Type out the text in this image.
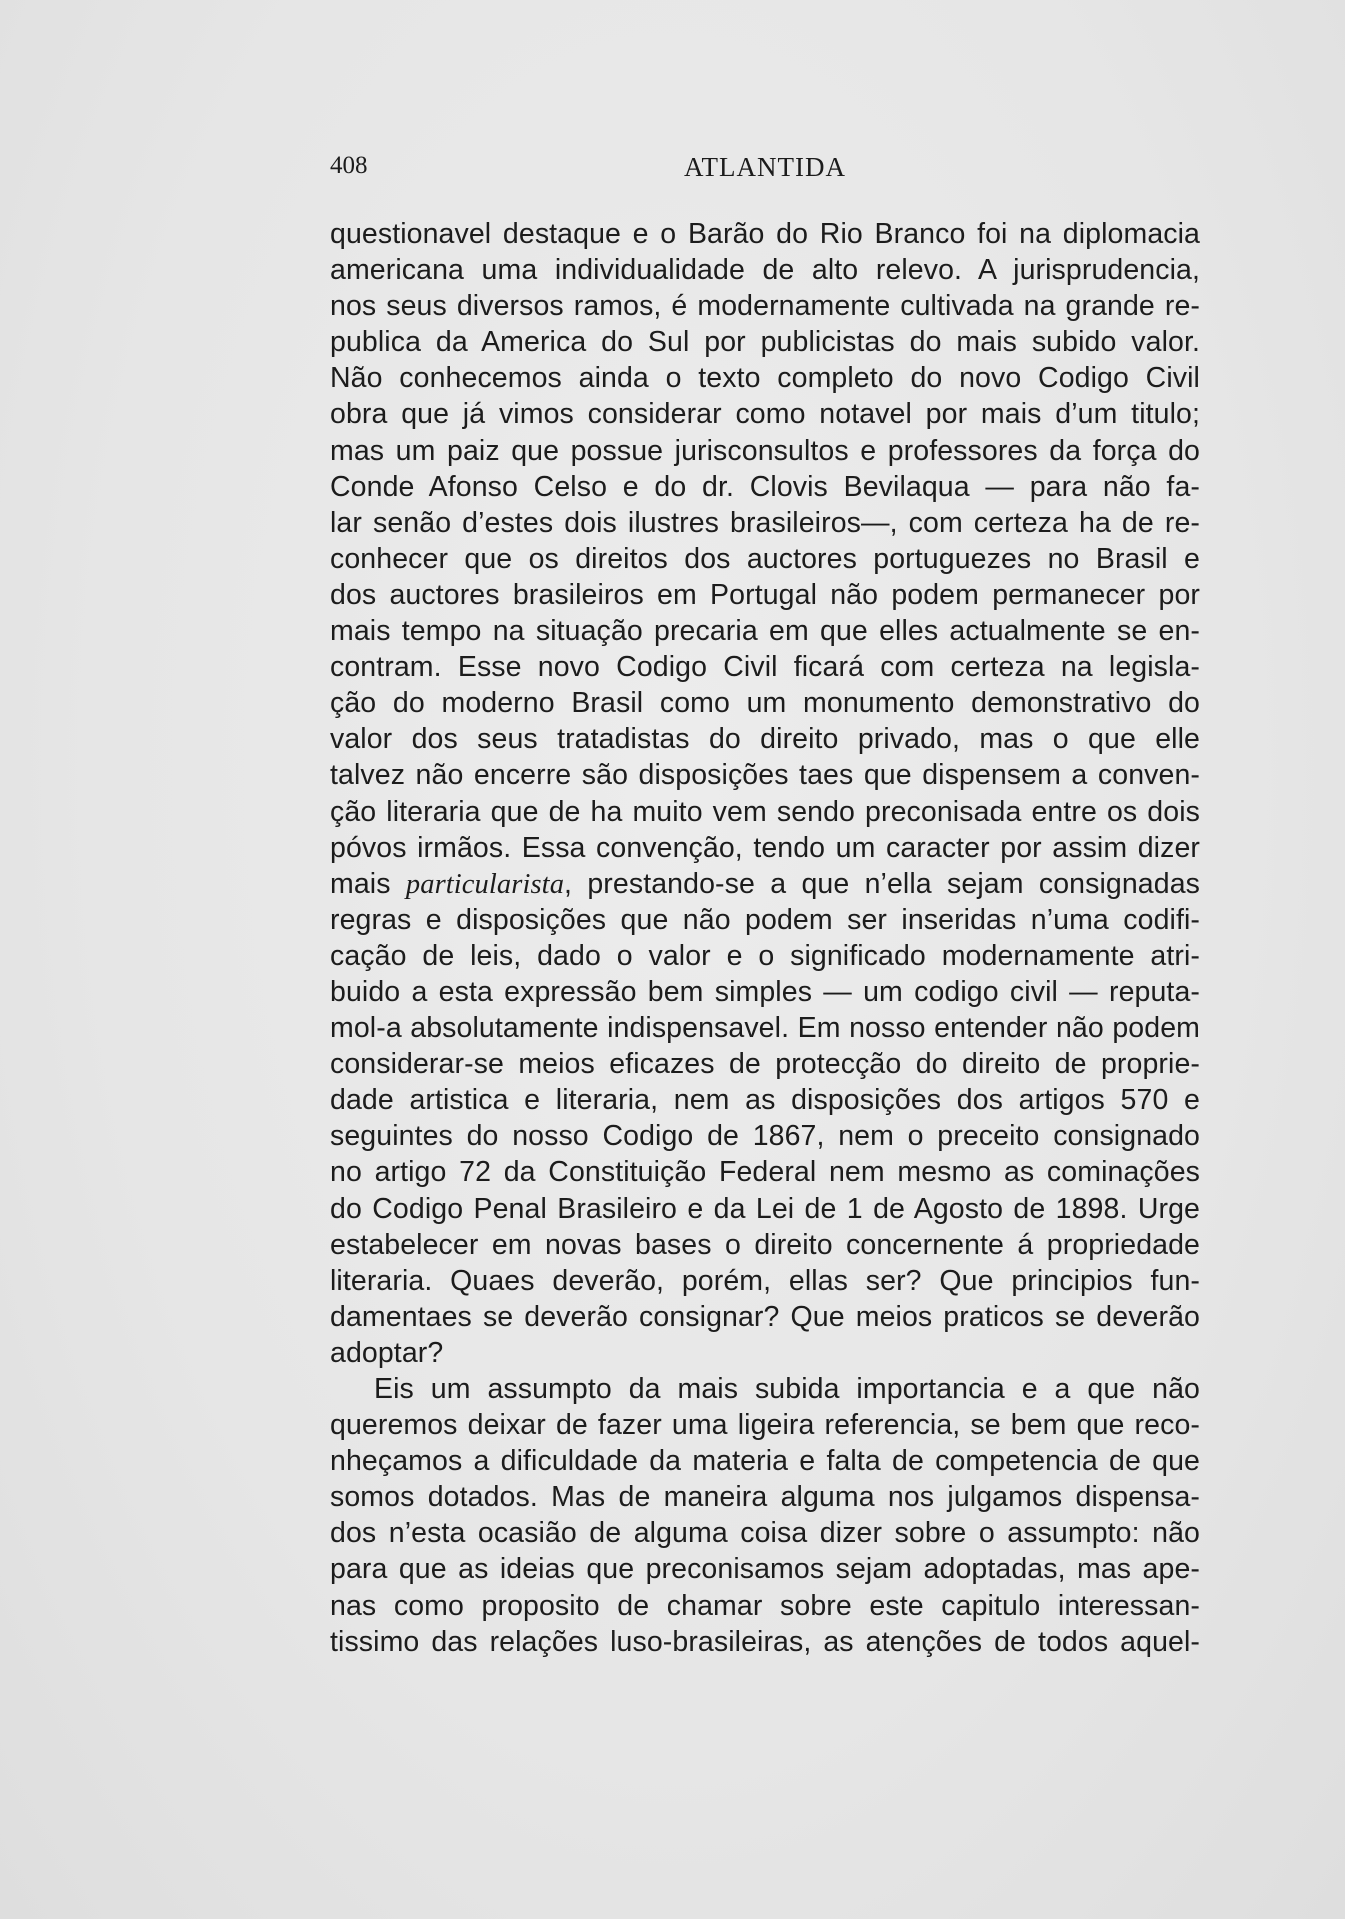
408	ATLANTIDA
questionavel destaque e o Barão do Rio Branco foi na diplomacia
americana uma individualidade de alto relevo. A jurisprudencia,
nos seus diversos ramos, é modernamente cultivada na grande re-
publica da America do Sul por publicistas do mais subido valor.
Não conhecemos ainda o texto completo do novo Codigo Civil
obra que já vimos considerar como notavel por mais d’um titulo;
mas um paiz que possue jurisconsultos e professores da força do
Conde Afonso Celso e do dr. Clovis Bevilaqua — para não fa-
lar senão d’estes dois ilustres brasileiros—, com certeza ha de re-
conhecer que os direitos dos auctores portuguezes no Brasil e
dos auctores brasileiros em Portugal não podem permanecer por
mais tempo na situação precaria em que elles actualmente se en-
contram. Esse novo Codigo Civil ficará com certeza na legisla-
ção do moderno Brasil como um monumento demonstrativo do
valor dos seus tratadistas do direito privado, mas o que elle
talvez não encerre são disposições taes que dispensem a conven-
ção literaria que de ha muito vem sendo preconisada entre os dois
póvos irmãos. Essa convenção, tendo um caracter por assim dizer
mais particularista, prestando-se a que n’ella sejam consignadas
regras e disposições que não podem ser inseridas n’uma codifi-
cação de leis, dado o valor e o significado modernamente atri-
buido a esta expressão bem simples — um codigo civil — reputa-
mol-a absolutamente indispensavel. Em nosso entender não podem
considerar-se meios eficazes de protecção do direito de proprie-
dade artistica e literaria, nem as disposições dos artigos 570 e
seguintes do nosso Codigo de 1867, nem o preceito consignado
no artigo 72 da Constituição Federal nem mesmo as cominações
do Codigo Penal Brasileiro e da Lei de 1 de Agosto de 1898. Urge
estabelecer em novas bases o direito concernente á propriedade
literaria. Quaes deverão, porém, ellas ser? Que principios fun-
damentaes se deverão consignar? Que meios praticos se deverão
adoptar?
Eis um assumpto da mais subida importancia e a que não
queremos deixar de fazer uma ligeira referencia, se bem que reco-
nheçamos a dificuldade da materia e falta de competencia de que
somos dotados. Mas de maneira alguma nos julgamos dispensa-
dos n’esta ocasião de alguma coisa dizer sobre o assumpto: não
para que as ideias que preconisamos sejam adoptadas, mas ape-
nas como proposito de chamar sobre este capitulo interessan-
tissimo das relações luso-brasileiras, as atenções de todos aquel-
